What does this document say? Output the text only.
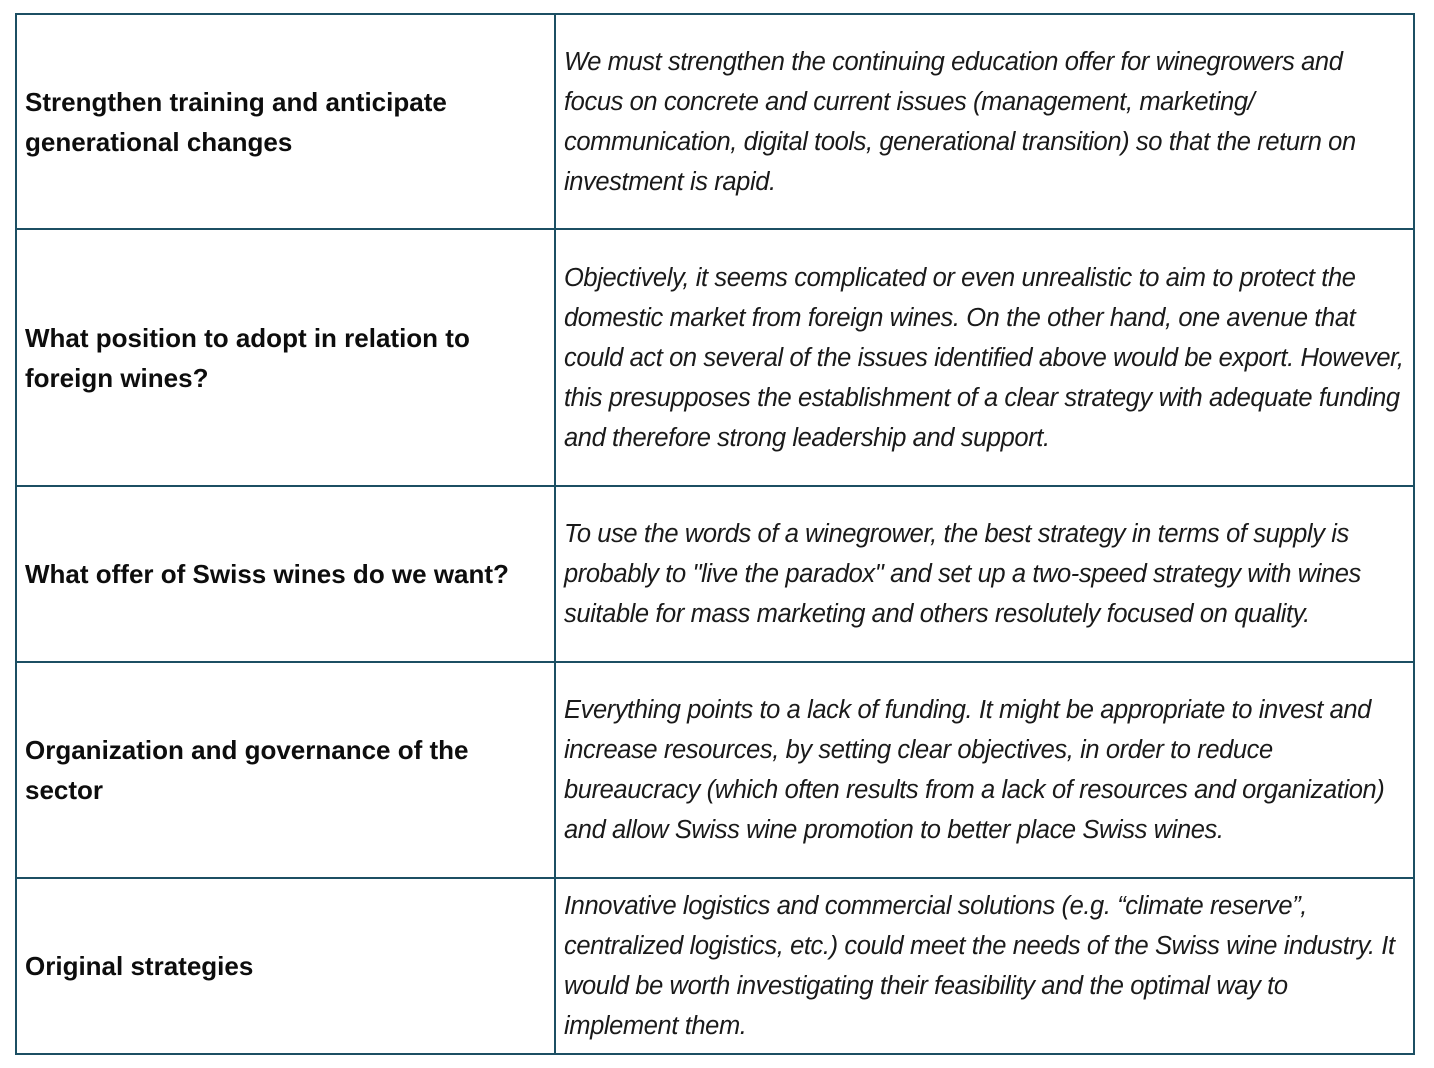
Strengthen training and anticipate generational changes	We must strengthen the continuing education offer for winegrowers and focus on concrete and current issues (management, marketing/ communication, digital tools, generational transition) so that the return on investment is rapid.
What position to adopt in relation to foreign wines?	Objectively, it seems complicated or even unrealistic to aim to protect the domestic market from foreign wines. On the other hand, one avenue that could act on several of the issues identified above would be export. However, this presupposes the establishment of a clear strategy with adequate funding and therefore strong leadership and support.
What offer of Swiss wines do we want?	To use the words of a winegrower, the best strategy in terms of supply is probably to "live the paradox" and set up a two-speed strategy with wines suitable for mass marketing and others resolutely focused on quality.
Organization and governance of the sector	Everything points to a lack of funding. It might be appropriate to invest and increase resources, by setting clear objectives, in order to reduce bureaucracy (which often results from a lack of resources and organization) and allow Swiss wine promotion to better place Swiss wines.
Original strategies	Innovative logistics and commercial solutions (e.g. “climate reserve”, centralized logistics, etc.) could meet the needs of the Swiss wine industry. It would be worth investigating their feasibility and the optimal way to implement them.
